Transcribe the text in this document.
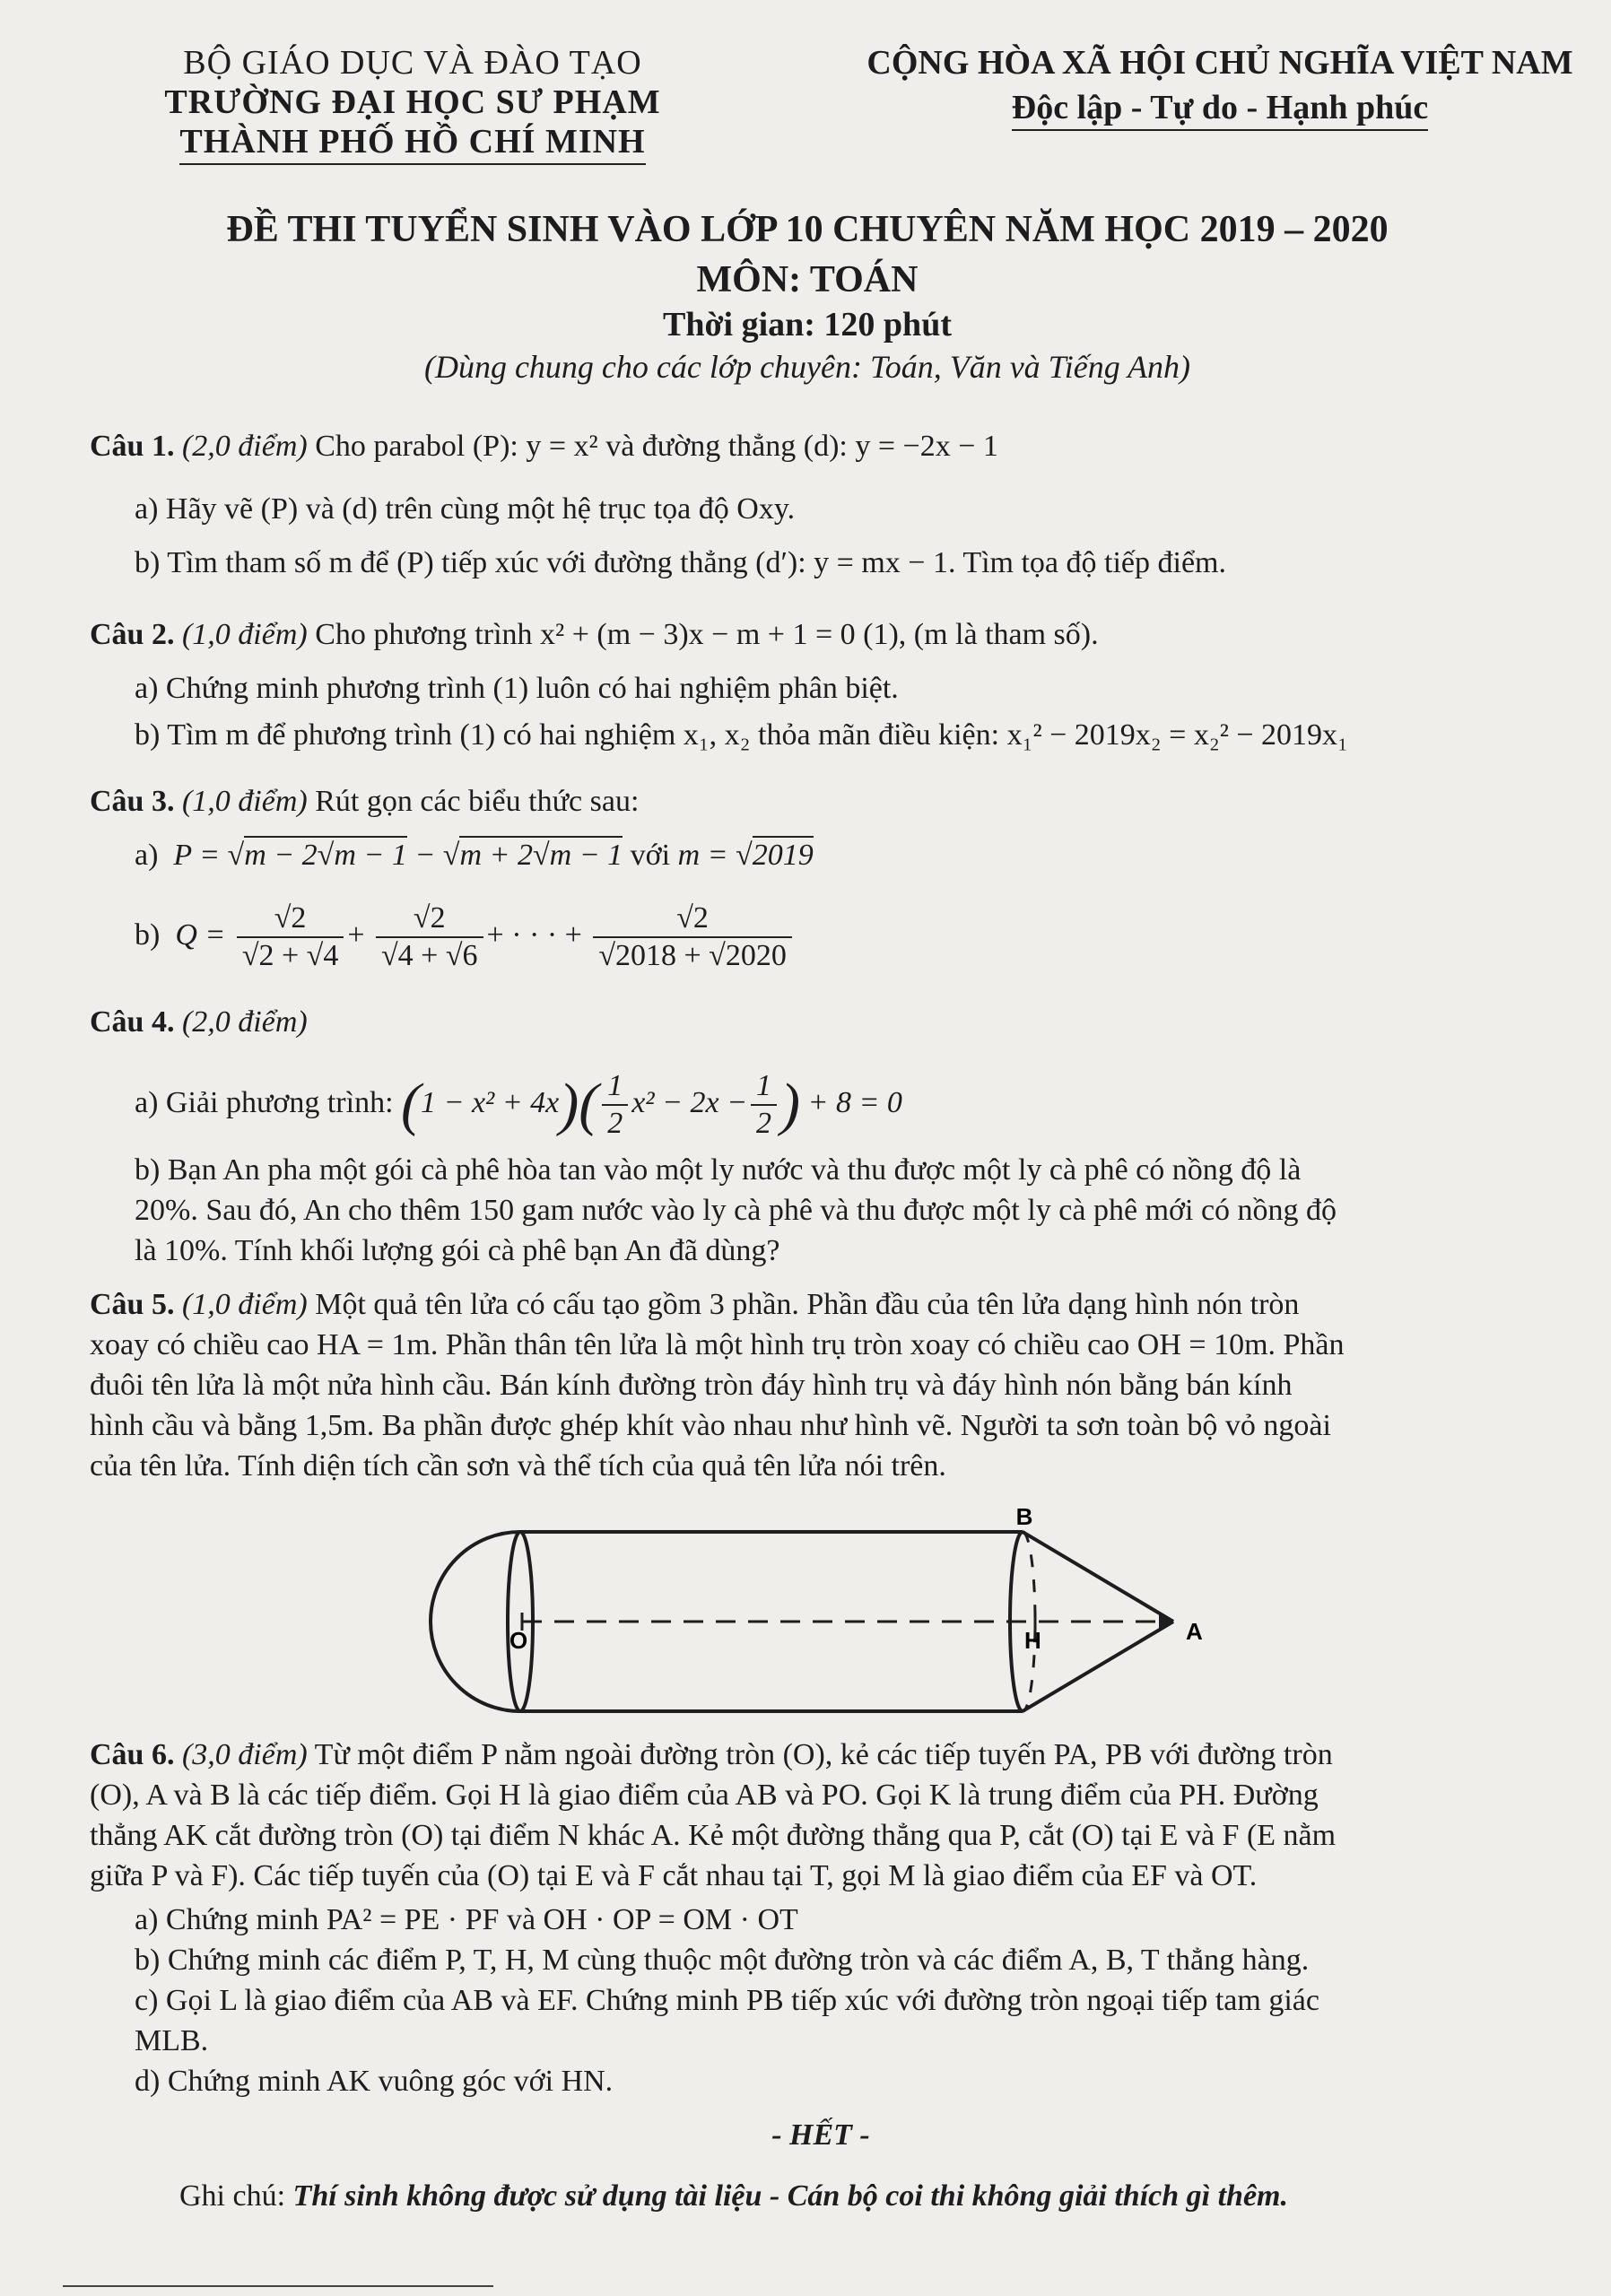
BỘ GIÁO DỤC VÀ ĐÀO TẠO
TRƯỜNG ĐẠI HỌC SƯ PHẠM
THÀNH PHỐ HỒ CHÍ MINH
CỘNG HÒA XÃ HỘI CHỦ NGHĨA VIỆT NAM
Độc lập - Tự do - Hạnh phúc
ĐỀ THI TUYỂN SINH VÀO LỚP 10 CHUYÊN NĂM HỌC 2019 – 2020
MÔN: TOÁN
Thời gian: 120 phút
(Dùng chung cho các lớp chuyên: Toán, Văn và Tiếng Anh)
Câu 1. (2,0 điểm) Cho parabol (P): y = x² và đường thẳng (d): y = −2x − 1
a) Hãy vẽ (P) và (d) trên cùng một hệ trục tọa độ Oxy.
b) Tìm tham số m để (P) tiếp xúc với đường thẳng (d′): y = mx − 1. Tìm tọa độ tiếp điểm.
Câu 2. (1,0 điểm) Cho phương trình x² + (m − 3)x − m + 1 = 0 (1), (m là tham số).
a) Chứng minh phương trình (1) luôn có hai nghiệm phân biệt.
b) Tìm m để phương trình (1) có hai nghiệm x₁, x₂ thỏa mãn điều kiện: x₁² − 2019x₂ = x₂² − 2019x₁
Câu 3. (1,0 điểm) Rút gọn các biểu thức sau:
a)  P = √m − 2√m − 1 − √m + 2√m − 1 với m = √2019
b)  $Q = \frac{√2}{√2 + √4} + \frac{√2}{√4 + √6}$ + · · · + $\frac{√2}{√2018 + √2020}$
Câu 4. (2,0 điểm)
a) Giải phương trình: $(1 - x^2 + 4x)( \frac{1}{2} x^2 - 2x - \frac{1}{2}$ ) + 8 = 0
b) Bạn An pha một gói cà phê hòa tan vào một ly nước và thu được một ly cà phê có nồng độ là
20%. Sau đó, An cho thêm 150 gam nước vào ly cà phê và thu được một ly cà phê mới có nồng độ
là 10%. Tính khối lượng gói cà phê bạn An đã dùng?
Câu 5. (1,0 điểm) Một quả tên lửa có cấu tạo gồm 3 phần. Phần đầu của tên lửa dạng hình nón tròn
xoay có chiều cao HA = 1m. Phần thân tên lửa là một hình trụ tròn xoay có chiều cao OH = 10m. Phần
đuôi tên lửa là một nửa hình cầu. Bán kính đường tròn đáy hình trụ và đáy hình nón bằng bán kính
hình cầu và bằng 1,5m. Ba phần được ghép khít vào nhau như hình vẽ. Người ta sơn toàn bộ vỏ ngoài
của tên lửa. Tính diện tích cần sơn và thể tích của quả tên lửa nói trên.
B
O	H	A
Câu 6. (3,0 điểm) Từ một điểm P nằm ngoài đường tròn (O), kẻ các tiếp tuyến PA, PB với đường tròn
(O), A và B là các tiếp điểm. Gọi H là giao điểm của AB và PO. Gọi K là trung điểm của PH. Đường
thẳng AK cắt đường tròn (O) tại điểm N khác A. Kẻ một đường thẳng qua P, cắt (O) tại E và F (E nằm
giữa P và F). Các tiếp tuyến của (O) tại E và F cắt nhau tại T, gọi M là giao điểm của EF và OT.
a) Chứng minh PA² = PE · PF và OH · OP = OM · OT
b) Chứng minh các điểm P, T, H, M cùng thuộc một đường tròn và các điểm A, B, T thẳng hàng.
c) Gọi L là giao điểm của AB và EF. Chứng minh PB tiếp xúc với đường tròn ngoại tiếp tam giác
MLB.
d) Chứng minh AK vuông góc với HN.
- HẾT -
Ghi chú: Thí sinh không được sử dụng tài liệu - Cán bộ coi thi không giải thích gì thêm.
